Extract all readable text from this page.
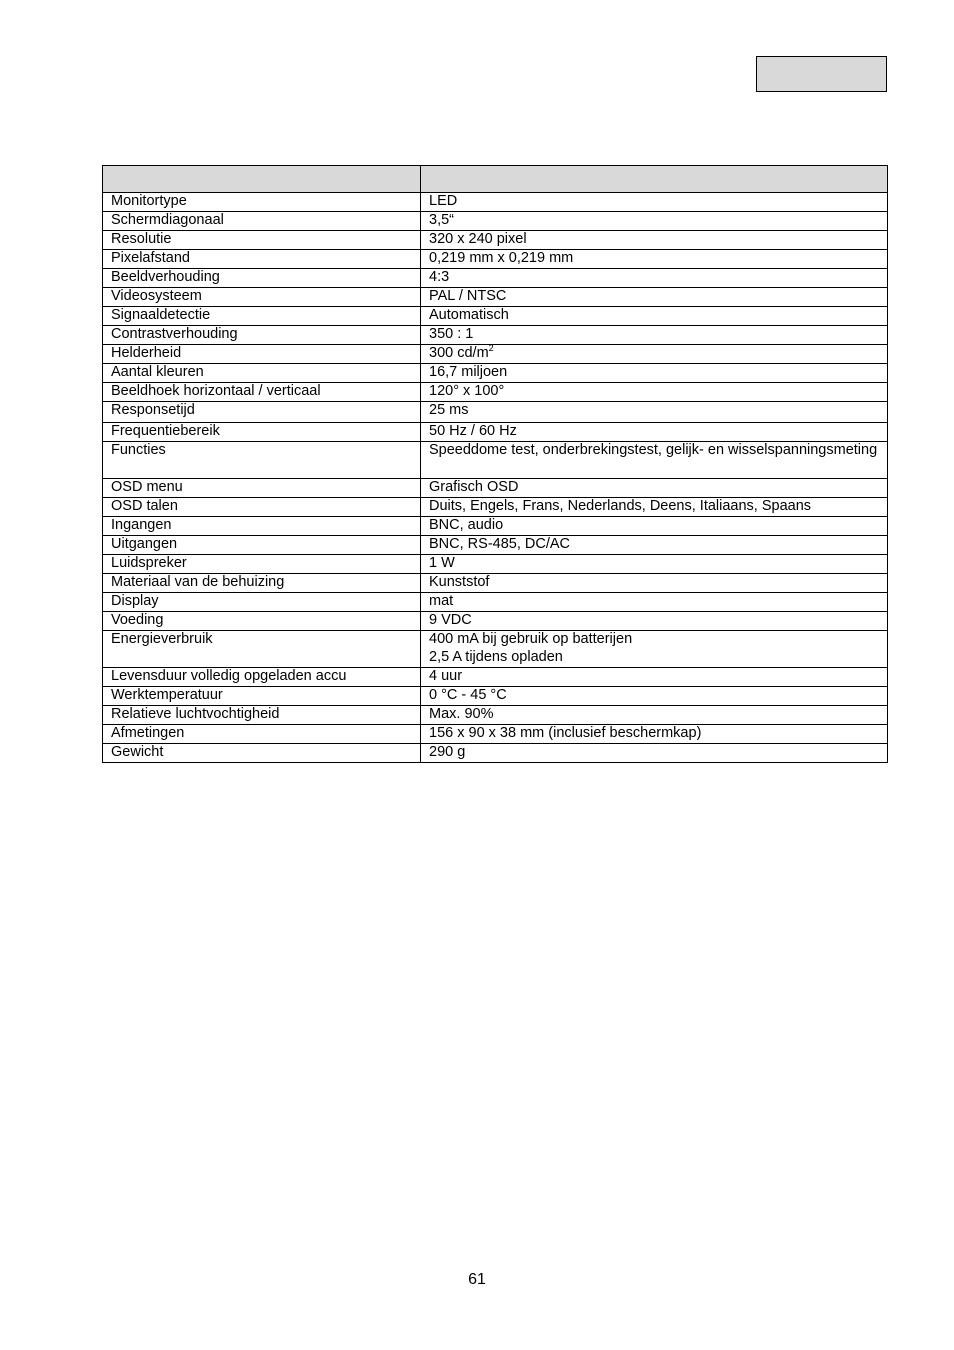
Monitortype	LED
Schermdiagonaal	3,5“
Resolutie	320 x 240 pixel
Pixelafstand	0,219 mm x 0,219 mm
Beeldverhouding	4:3
Videosysteem	PAL / NTSC
Signaaldetectie	Automatisch
Contrastverhouding	350 : 1
Helderheid	300 $cd/m^2$
Aantal kleuren	16,7 miljoen
Beeldhoek horizontaal / verticaal	120° x 100°
Responsetijd	25 ms
Frequentiebereik	50 Hz / 60 Hz
Functies	Speeddome test, onderbrekingstest, gelijk- en wisselspanningsmeting
OSD menu	Grafisch OSD
OSD talen	Duits, Engels, Frans, Nederlands, Deens, Italiaans, Spaans
Ingangen	BNC, audio
Uitgangen	BNC, RS-485, DC/AC
Luidspreker	1 W
Materiaal van de behuizing	Kunststof
Display	mat
Voeding	9 VDC
Energieverbruik	400 mA bij gebruik op batterijen
2,5 A tijdens opladen

Levensduur volledig opgeladen accu	4 uur
Werktemperatuur	0 °C - 45 °C
Relatieve luchtvochtigheid	Max. 90%
Afmetingen	156 x 90 x 38 mm (inclusief beschermkap)
Gewicht	290 g
61
